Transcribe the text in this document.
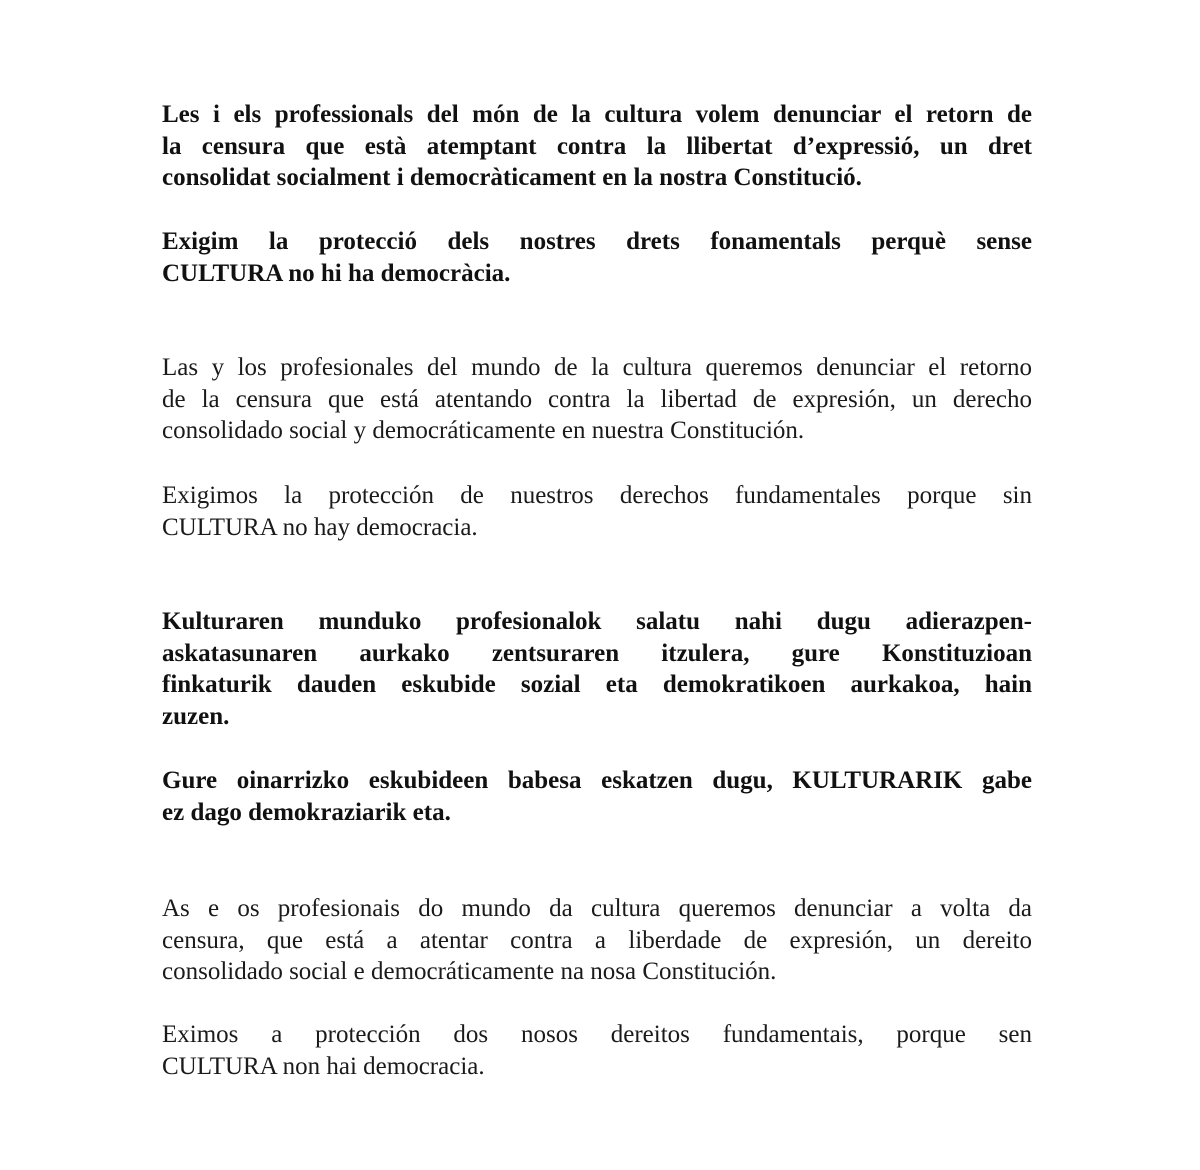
Les i els professionals del món de la cultura volem denunciar el retorn de
la censura que està atemptant contra la llibertat d’expressió, un dret
consolidat socialment i democràticament en la nostra Constitució.
Exigim la protecció dels nostres drets fonamentals perquè sense
CULTURA no hi ha democràcia.
Las y los profesionales del mundo de la cultura queremos denunciar el retorno
de la censura que está atentando contra la libertad de expresión, un derecho
consolidado social y democráticamente en nuestra Constitución.
Exigimos la protección de nuestros derechos fundamentales porque sin
CULTURA no hay democracia.
Kulturaren munduko profesionalok salatu nahi dugu adierazpen-
askatasunaren aurkako zentsuraren itzulera, gure Konstituzioan
finkaturik dauden eskubide sozial eta demokratikoen aurkakoa, hain
zuzen.
Gure oinarrizko eskubideen babesa eskatzen dugu, KULTURARIK gabe
ez dago demokraziarik eta.
As e os profesionais do mundo da cultura queremos denunciar a volta da
censura, que está a atentar contra a liberdade de expresión, un dereito
consolidado social e democráticamente na nosa Constitución.
Eximos a protección dos nosos dereitos fundamentais, porque sen
CULTURA non hai democracia.
